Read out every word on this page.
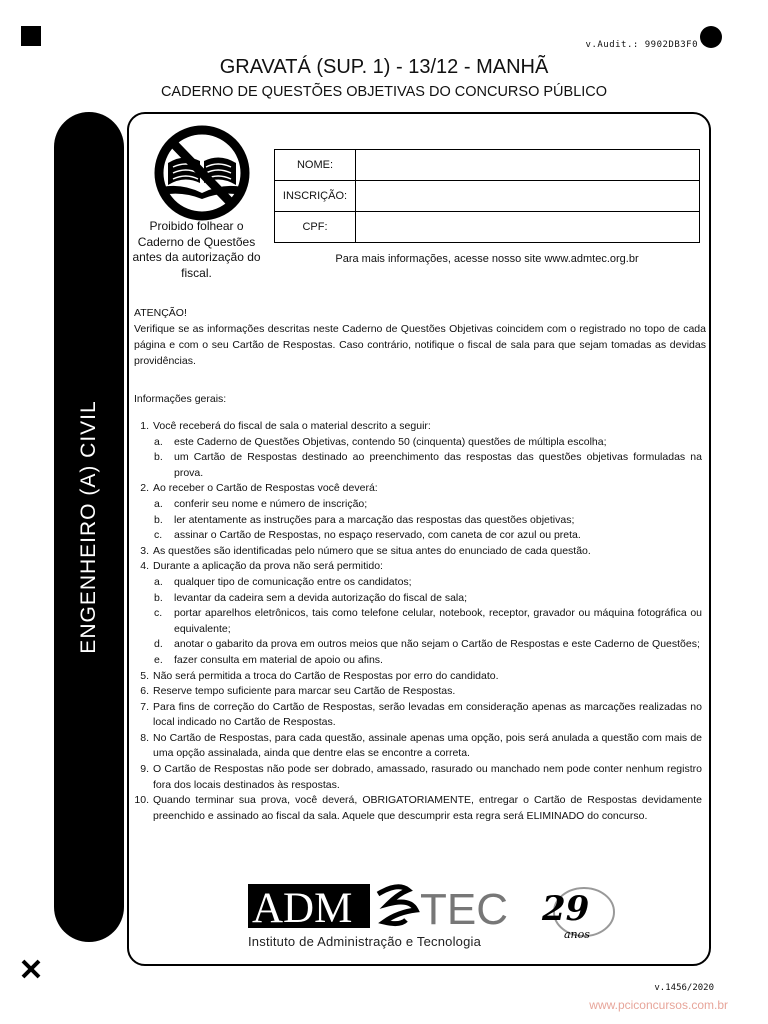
v.Audit.: 9902DB3F0
GRAVATÁ (SUP. 1) - 13/12 - MANHÃ
CADERNO DE QUESTÕES OBJETIVAS DO CONCURSO PÚBLICO
ENGENHEIRO (A) CIVIL
Proibido folhear o Caderno de Questões antes da autorização do fiscal.
NOME:	
INSCRIÇÃO:	
CPF:	
Para mais informações, acesse nosso site www.admtec.org.br
ATENÇÃO!
Verifique se as informações descritas neste Caderno de Questões Objetivas coincidem com o registrado no topo de cada página e com o seu Cartão de Respostas. Caso contrário, notifique o fiscal de sala para que sejam tomadas as devidas providências.
Informações gerais:
1. Você receberá do fiscal de sala o material descrito a seguir:
a. este Caderno de Questões Objetivas, contendo 50 (cinquenta) questões de múltipla escolha;
b. um Cartão de Respostas destinado ao preenchimento das respostas das questões objetivas formuladas na prova.
2. Ao receber o Cartão de Respostas você deverá:
a. conferir seu nome e número de inscrição;
b. ler atentamente as instruções para a marcação das respostas das questões objetivas;
c. assinar o Cartão de Respostas, no espaço reservado, com caneta de cor azul ou preta.
3. As questões são identificadas pelo número que se situa antes do enunciado de cada questão.
4. Durante a aplicação da prova não será permitido:
a. qualquer tipo de comunicação entre os candidatos;
b. levantar da cadeira sem a devida autorização do fiscal de sala;
c. portar aparelhos eletrônicos, tais como telefone celular, notebook, receptor, gravador ou máquina fotográfica ou equivalente;
d. anotar o gabarito da prova em outros meios que não sejam o Cartão de Respostas e este Caderno de Questões;
e. fazer consulta em material de apoio ou afins.
5. Não será permitida a troca do Cartão de Respostas por erro do candidato.
6. Reserve tempo suficiente para marcar seu Cartão de Respostas.
7. Para fins de correção do Cartão de Respostas, serão levadas em consideração apenas as marcações realizadas no local indicado no Cartão de Respostas.
8. No Cartão de Respostas, para cada questão, assinale apenas uma opção, pois será anulada a questão com mais de uma opção assinalada, ainda que dentre elas se encontre a correta.
9. O Cartão de Respostas não pode ser dobrado, amassado, rasurado ou manchado nem pode conter nenhum registro fora dos locais destinados às respostas.
10. Quando terminar sua prova, você deverá, OBRIGATORIAMENTE, entregar o Cartão de Respostas devidamente preenchido e assinado ao fiscal da sala. Aquele que descumprir esta regra será ELIMINADO do concurso.
ADM TEC
Instituto de Administração e Tecnologia
29
anos
v.1456/2020
www.pciconcursos.com.br
